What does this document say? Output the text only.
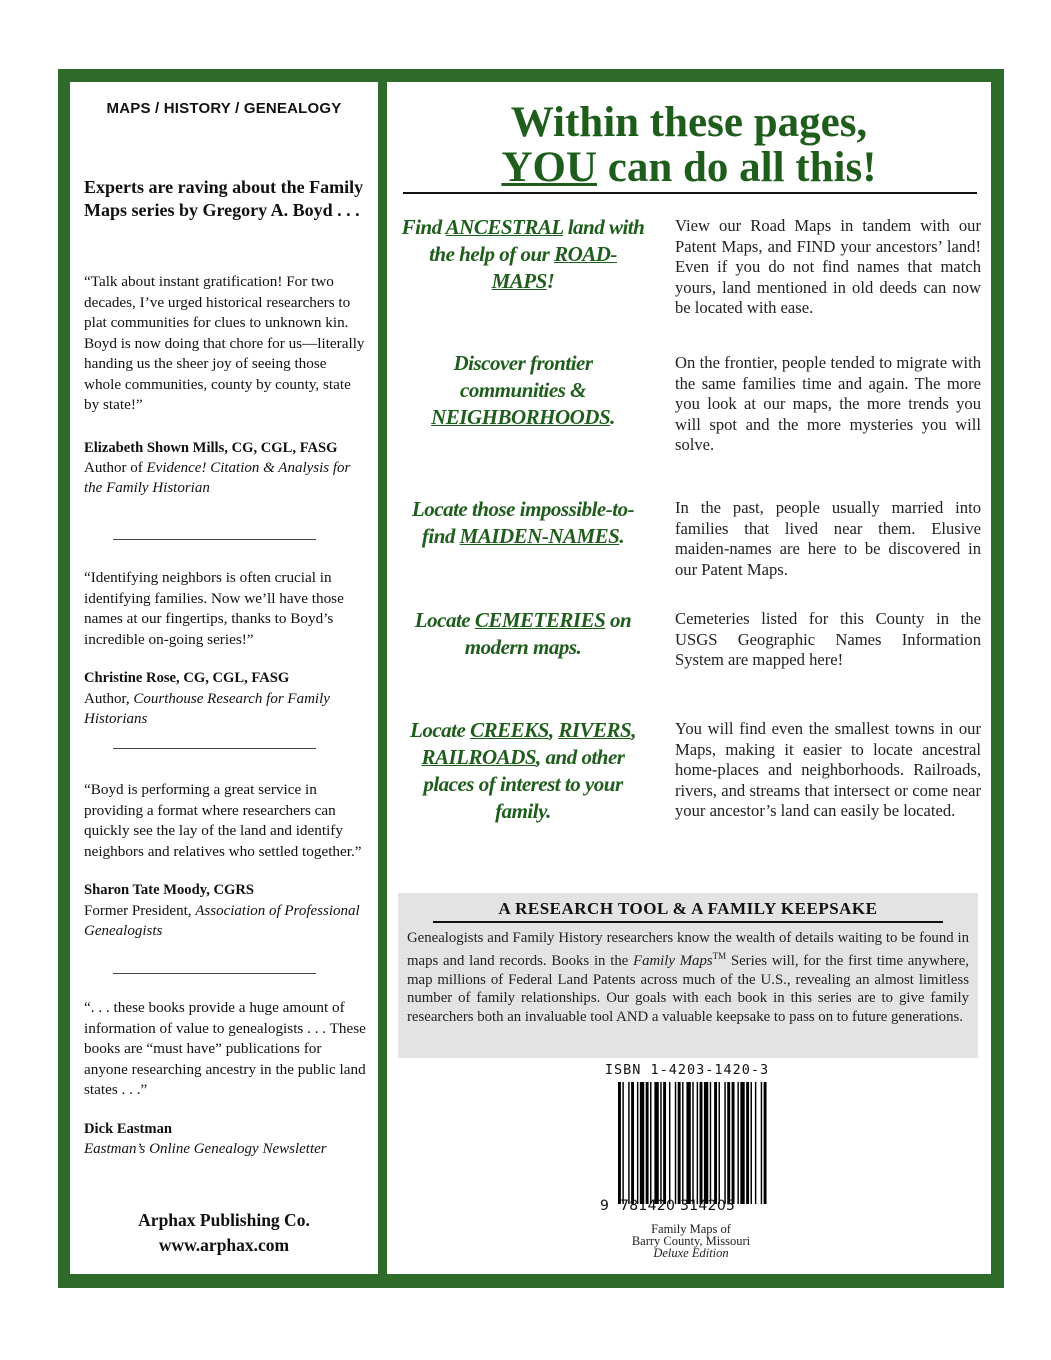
MAPS / HISTORY / GENEALOGY
Experts are raving about the Family Maps series by Gregory A. Boyd . . .
“Talk about instant gratification! For two decades, I’ve urged historical researchers to plat communities for clues to unknown kin. Boyd is now doing that chore for us—literally handing us the sheer joy of seeing those whole communities, county by county, state by state!”
Elizabeth Shown Mills, CG, CGL, FASG
Author of Evidence! Citation & Analysis for the Family Historian
“Identifying neighbors is often crucial in identifying families. Now we’ll have those names at our fingertips, thanks to Boyd’s incredible on-going series!”
Christine Rose, CG, CGL, FASG
Author, Courthouse Research for Family Historians
“Boyd is performing a great service in providing a format where researchers can quickly see the lay of the land and identify neighbors and relatives who settled together.”
Sharon Tate Moody, CGRS
Former President, Association of Professional Genealogists
“. . . these books provide a huge amount of information of value to genealogists . . . These books are “must have” publications for anyone researching ancestry in the public land states . . .”
Dick Eastman
Eastman’s Online Genealogy Newsletter
Arphax Publishing Co.
www.arphax.com
Within these pages,
YOU can do all this!
Find ANCESTRAL land with the help of our ROAD-MAPS!
View our Road Maps in tandem with our Patent Maps, and FIND your ancestors’ land! Even if you do not find names that match yours, land mentioned in old deeds can now be located with ease.
Discover frontier communities & NEIGHBORHOODS.
On the frontier, people tended to migrate with the same families time and again. The more you look at our maps, the more trends you will spot and the more mysteries you will solve.
Locate those impossible-to-find MAIDEN-NAMES.
In the past, people usually married into families that lived near them. Elusive maiden-names are here to be discovered in our Patent Maps.
Locate CEMETERIES on modern maps.
Cemeteries listed for this County in the USGS Geographic Names Information System are mapped here!
Locate CREEKS, RIVERS, RAILROADS, and other places of interest to your family.
You will find even the smallest towns in our Maps, making it easier to locate ancestral home-places and neighborhoods. Railroads, rivers, and streams that intersect or come near your ancestor’s land can easily be located.
A RESEARCH TOOL & A FAMILY KEEPSAKE
Genealogists and Family History researchers know the wealth of details waiting to be found in maps and land records. Books in the Family Maps™ Series will, for the first time anywhere, map millions of Federal Land Patents across much of the U.S., revealing an almost limitless number of family relationships. Our goals with each book in this series are to give family researchers both an invaluable tool AND a valuable keepsake to pass on to future generations.
ISBN 1-4203-1420-3
9 781420 314205
Family Maps of
Barry County, Missouri
Deluxe Edition
